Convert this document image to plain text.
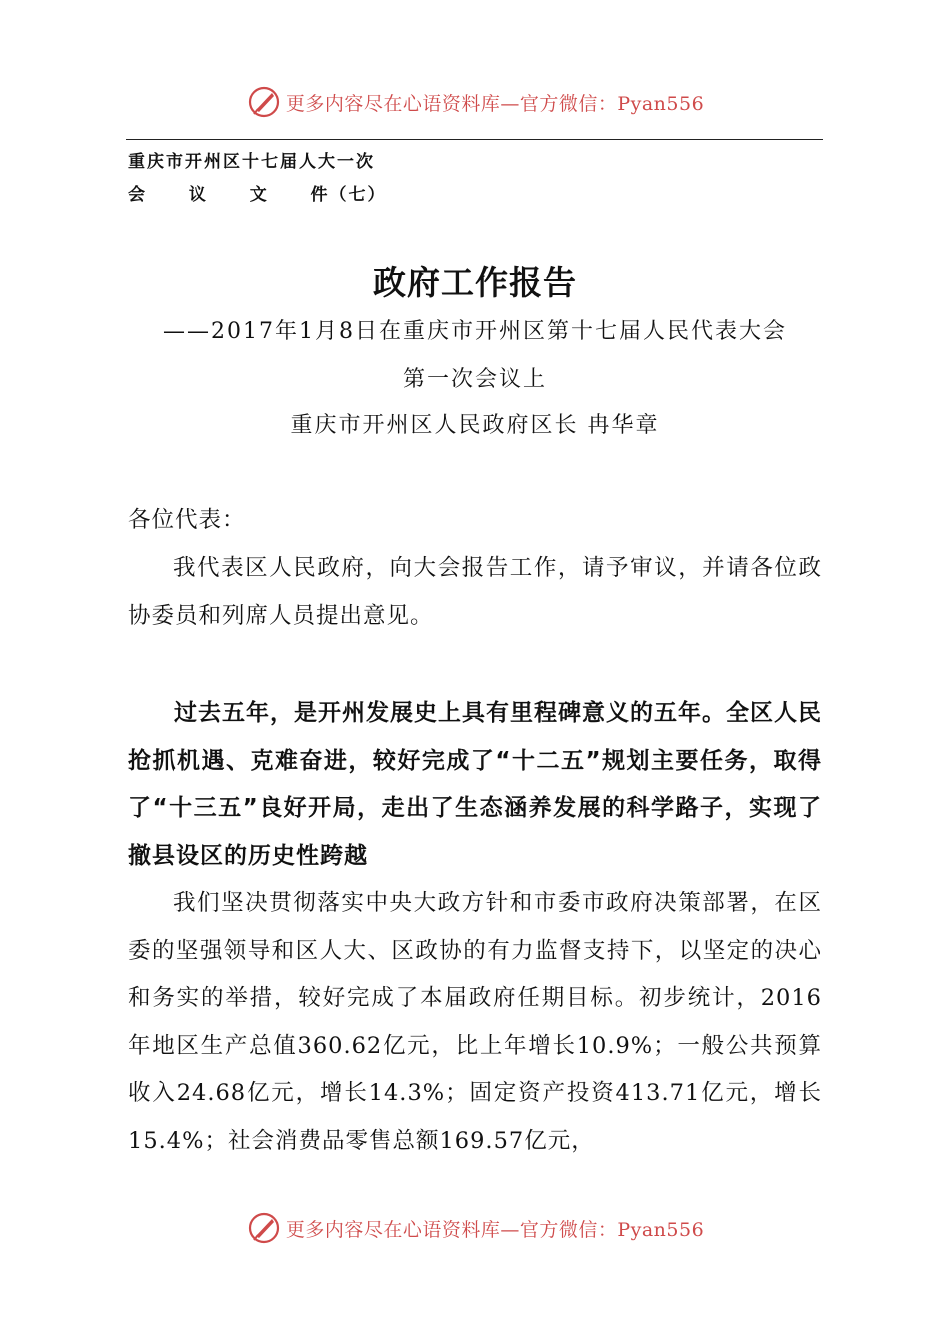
更多内容尽在心语资料库—官方微信：Pyan556
重庆市开州区十七届人大一次
会 议 文 件（七）
政府工作报告
——2017年1月8日在重庆市开州区第十七届人民代表大会
第一次会议上
重庆市开州区人民政府区长 冉华章
各位代表：
我代表区人民政府，向大会报告工作，请予审议，并请各位政协委员和列席人员提出意见。
过去五年，是开州发展史上具有里程碑意义的五年。全区人民抢抓机遇、克难奋进，较好完成了“十二五”规划主要任务，取得了“十三五”良好开局，走出了生态涵养发展的科学路子，实现了撤县设区的历史性跨越
我们坚决贯彻落实中央大政方针和市委市政府决策部署，在区委的坚强领导和区人大、区政协的有力监督支持下，以坚定的决心和务实的举措，较好完成了本届政府任期目标。初步统计，2016年地区生产总值360.62亿元，比上年增长10.9%；一般公共预算收入24.68亿元，增长14.3%；固定资产投资413.71亿元，增长15.4%；社会消费品零售总额169.57亿元，
更多内容尽在心语资料库—官方微信：Pyan556
